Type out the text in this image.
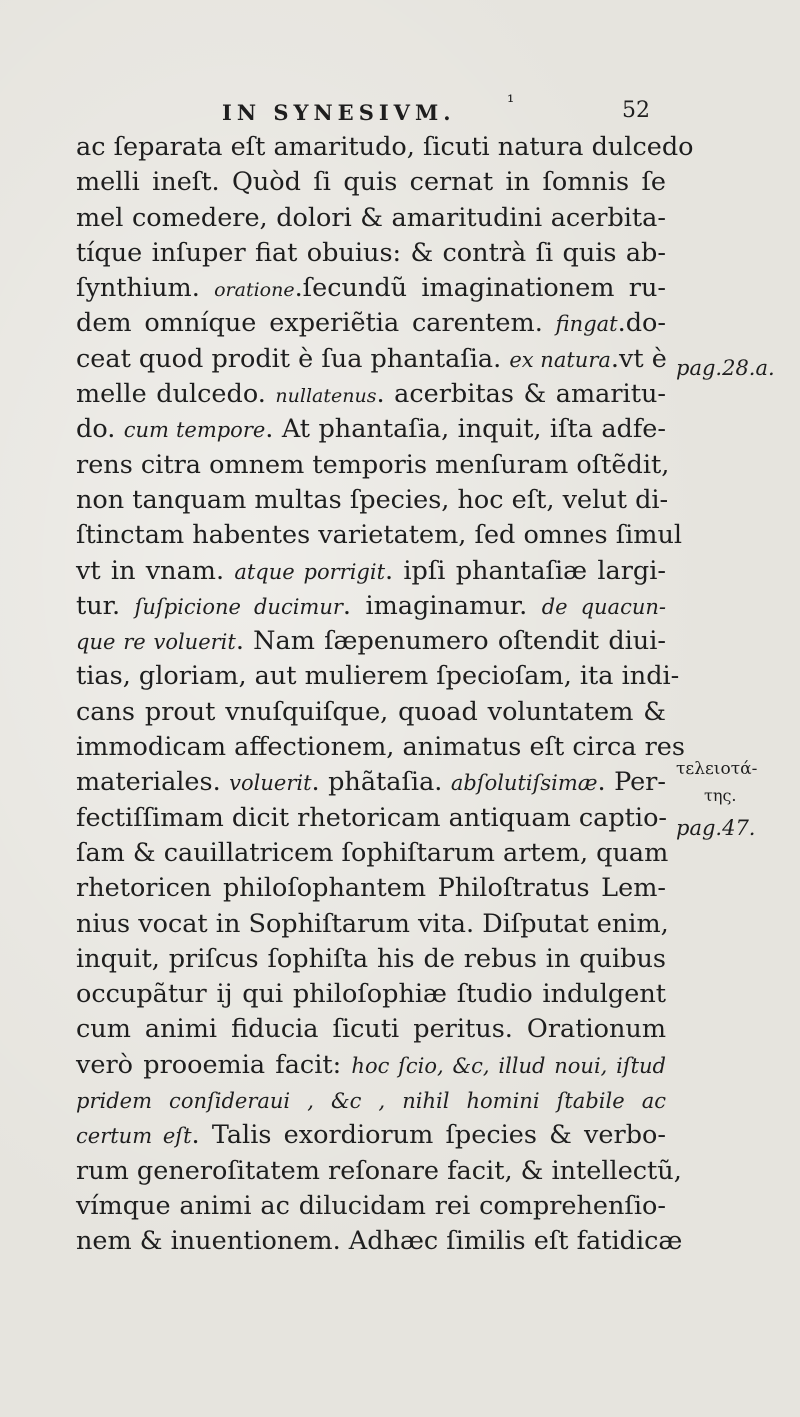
IN SYNESIVM.	¹	52
ac ſeparata eſt amaritudo, ſicuti natura dulcedo
melli ineſt. Quòd ſi quis cernat in ſomnis ſe
mel comedere, dolori & amaritudini acerbita-
tíque inſuper fiat obuius: & contrà ſi quis ab-
ſynthium. oratione.ſecundũ imaginationem ru-
dem omníque experiẽtia carentem. fingat.do-
ceat quod prodit è ſua phantaſia. ex natura.vt è
melle dulcedo. nullatenus. acerbitas & amaritu-
do. cum tempore. At phantaſia, inquit, iſta adfe-
rens citra omnem temporis menſuram oſtẽdit,
non tanquam multas ſpecies, hoc eſt, velut di-
ſtinctam habentes varietatem, ſed omnes ſimul
vt in vnam. atque porrigit. ipſi phantaſiæ largi-
tur. ſuſpicione ducimur. imaginamur. de quacun-
que re voluerit. Nam ſæpenumero oſtendit diui-
tias, gloriam, aut mulierem ſpecioſam, ita indi-
cans prout vnuſquiſque, quoad voluntatem &
immodicam affectionem, animatus eſt circa res
materiales. voluerit. phãtaſia. abſolutiſsimæ. Per-
fectiſſimam dicit rhetoricam antiquam captio-
ſam & cauillatricem ſophiſtarum artem, quam
rhetoricen philoſophantem Philoſtratus Lem-
nius vocat in Sophiſtarum vita. Diſputat enim,
inquit, priſcus ſophiſta his de rebus in quibus
occupãtur ij qui philoſophiæ ſtudio indulgent
cum animi fiducia ſicuti peritus. Orationum
verò prooemia facit: hoc ſcio, &c, illud noui, iſtud
pridem conſideraui , &c , nihil homini ſtabile ac
certum eſt. Talis exordiorum ſpecies & verbo-
rum generoſitatem reſonare facit, & intellectũ,
vímque animi ac dilucidam rei comprehenſio-
nem & inuentionem. Adhæc ſimilis eſt fatidicæ
pag.28.a.
τελειοτά-
της.
pag.47.
